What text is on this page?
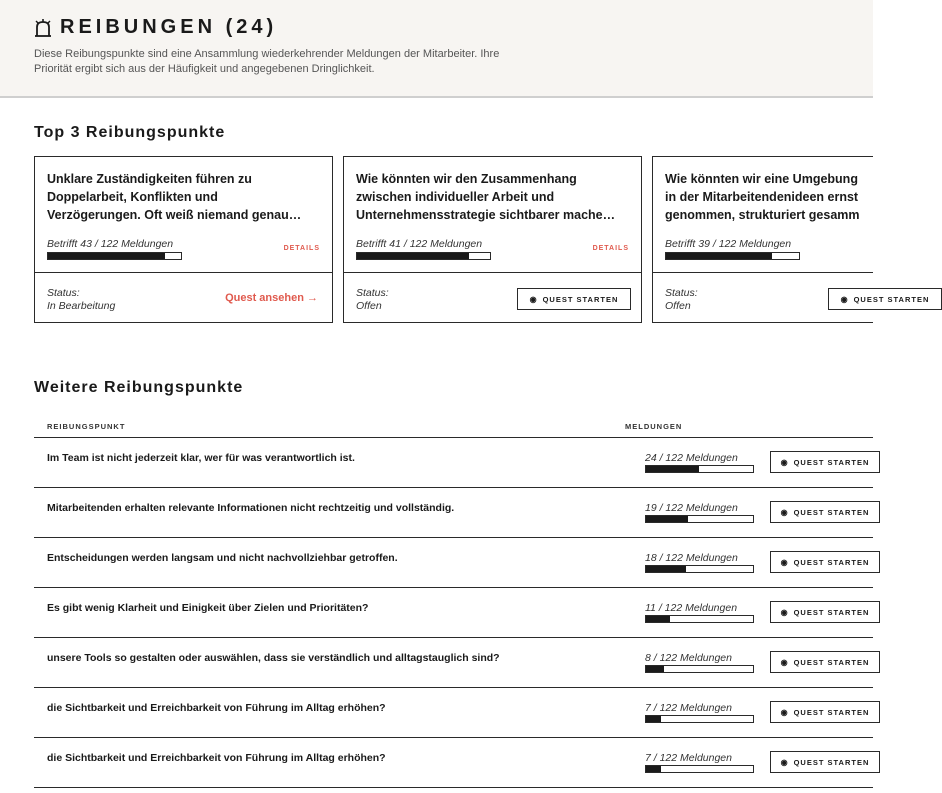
REIBUNGEN (24)
Diese Reibungspunkte sind eine Ansammlung wiederkehrender Meldungen der Mitarbeiter. Ihre Priorität ergibt sich aus der Häufigkeit und angegebenen Dringlichkeit.
Top 3 Reibungspunkte
Unklare Zuständigkeiten führen zu
Doppelarbeit, Konflikten und
Verzögerungen. Oft weiß niemand genau…
Betrifft 43 / 122 Meldungen	DETAILS
Status:
In Bearbeitung
Quest ansehen →
Wie könnten wir den Zusammenhang
zwischen individueller Arbeit und
Unternehmensstrategie sichtbarer mache…
Betrifft 41 / 122 Meldungen	DETAILS
Status:
Offen
◉ QUEST STARTEN
Wie könnten wir eine Umgebung
in der Mitarbeitendenideen ernst
genommen, strukturiert gesamm
Betrifft 39 / 122 Meldungen
Status:
Offen
◉ QUEST STARTEN
Weitere Reibungspunkte
REIBUNGSPUNKT	MELDUNGEN
Im Team ist nicht jederzeit klar, wer für was verantwortlich ist.	24 / 122 Meldungen	◉ QUEST STARTEN
Mitarbeitenden erhalten relevante Informationen nicht rechtzeitig und vollständig.	19 / 122 Meldungen	◉ QUEST STARTEN
Entscheidungen werden langsam und nicht nachvollziehbar getroffen.	18 / 122 Meldungen	◉ QUEST STARTEN
Es gibt wenig Klarheit und Einigkeit über Zielen und Prioritäten?	11 / 122 Meldungen	◉ QUEST STARTEN
unsere Tools so gestalten oder auswählen, dass sie verständlich und alltagstauglich sind?	8 / 122 Meldungen	◉ QUEST STARTEN
die Sichtbarkeit und Erreichbarkeit von Führung im Alltag erhöhen?	7 / 122 Meldungen	◉ QUEST STARTEN
die Sichtbarkeit und Erreichbarkeit von Führung im Alltag erhöhen?	7 / 122 Meldungen	◉ QUEST STARTEN
